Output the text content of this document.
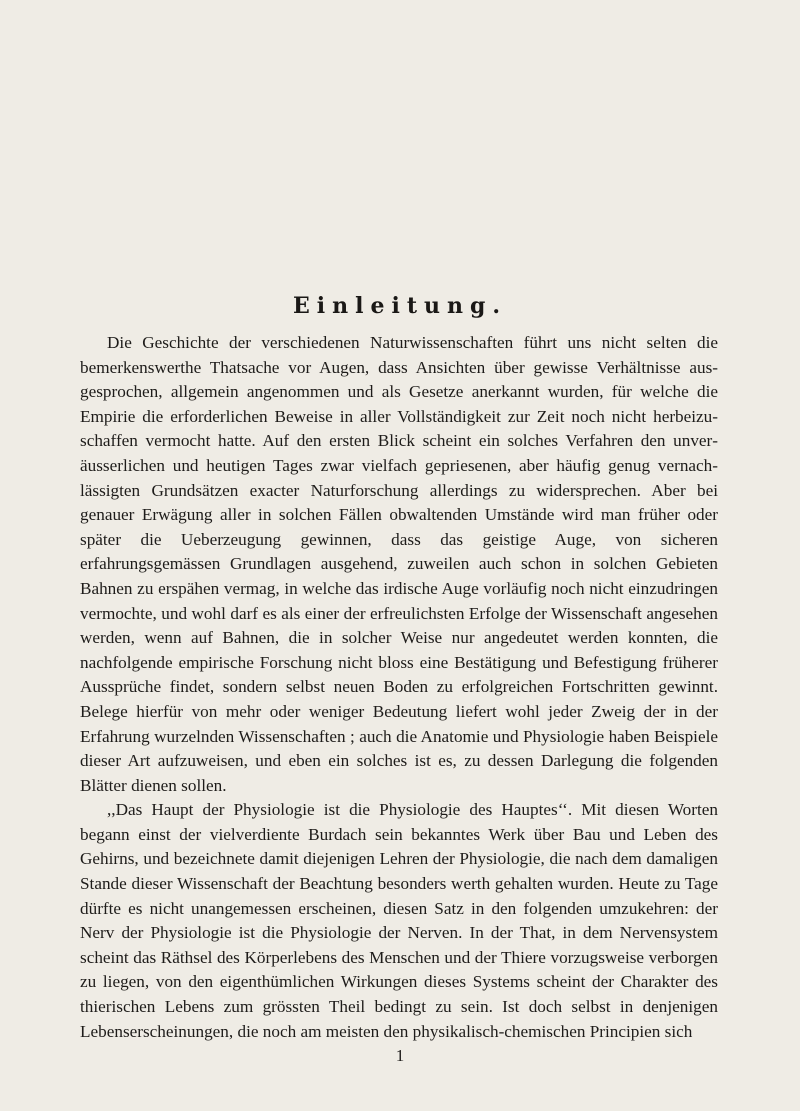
Einleitung.

Die Geschichte der verschiedenen Naturwissenschaften führt uns nicht selten die bemerkenswerthe Thatsache vor Augen, dass Ansichten über gewisse Verhältnisse ausgesprochen, allgemein angenommen und als Gesetze anerkannt wurden, für welche die Empirie die erforderlichen Beweise in aller Vollständigkeit zur Zeit noch nicht herbeizuschaffen vermocht hatte. Auf den ersten Blick scheint ein solches Verfahren den unveräusserlichen und heutigen Tages zwar vielfach gepriesenen, aber häufig genug vernachlässigten Grundsätzen exacter Naturforschung allerdings zu widersprechen. Aber bei genauer Erwägung aller in solchen Fällen obwaltenden Umstände wird man früher oder später die Ueberzeugung gewinnen, dass das geistige Auge, von sicheren erfahrungsgemässen Grundlagen ausgehend, zuweilen auch schon in solchen Gebieten Bahnen zu erspähen vermag, in welche das irdische Auge vorläufig noch nicht einzudringen vermochte, und wohl darf es als einer der erfreulichsten Erfolge der Wissenschaft angesehen werden, wenn auf Bahnen, die in solcher Weise nur angedeutet werden konnten, die nachfolgende empirische Forschung nicht bloss eine Bestätigung und Befestigung früherer Aussprüche findet, sondern selbst neuen Boden zu erfolgreichen Fortschritten gewinnt. Belege hierfür von mehr oder weniger Bedeutung liefert wohl jeder Zweig der in der Erfahrung wurzelnden Wissenschaften ; auch die Anatomie und Physiologie haben Beispiele dieser Art aufzuweisen, und eben ein solches ist es, zu dessen Darlegung die folgenden Blätter dienen sollen.

,,Das Haupt der Physiologie ist die Physiologie des Hauptes‘‘. Mit diesen Worten begann einst der vielverdiente Burdach sein bekanntes Werk über Bau und Leben des Gehirns, und bezeichnete damit diejenigen Lehren der Physiologie, die nach dem damaligen Stande dieser Wissenschaft der Beachtung besonders werth gehalten wurden. Heute zu Tage dürfte es nicht unangemessen erscheinen, diesen Satz in den folgenden umzukehren: der Nerv der Physiologie ist die Physiologie der Nerven. In der That, in dem Nervensystem scheint das Räthsel des Körperlebens des Menschen und der Thiere vorzugsweise verborgen zu liegen, von den eigenthümlichen Wirkungen dieses Systems scheint der Charakter des thierischen Lebens zum grössten Theil bedingt zu sein. Ist doch selbst in denjenigen Lebenserscheinungen, die noch am meisten den physikalisch-chemischen Principien sich

1
